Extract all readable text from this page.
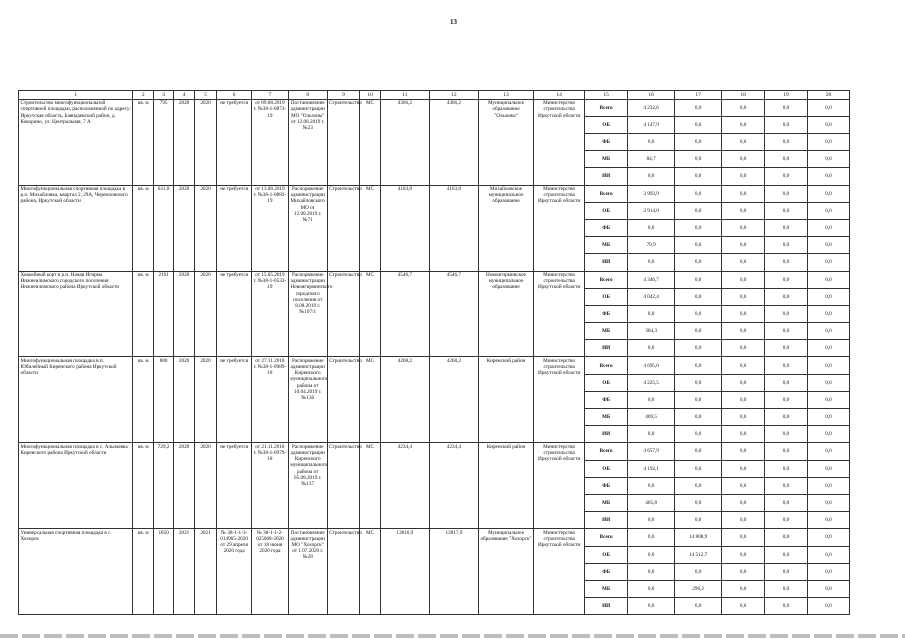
13
1	2	3	4	5	6	7	8	9	10	11	12	13	14	15	16	17	18	19	20
Строительство многофункциональной спортивной площадки, расположенной по адресу: Иркутская область, Баяндаевский район, д. Кокорино, ул. Центральная, 7 А	кв. м	795	2020	2020	не требуется	от 09.08.2019 г. №38-1-0873-19	Постановление администрации МО "Ользоны" от 12.08.2019 г. №23	Строительство	МС	4366,2	4366,2	Муниципальное образование "Ользоны"	Министерство строительства Иркутской области	Всего	4 232,6	0,0	0,0	0,0	0,0
														ОБ	4 147,9	0,0	0,0	0,0	0,0
														ФБ	0,0	0,0	0,0	0,0	0,0
														МБ	84,7	0,0	0,0	0,0	0,0
														ИИ	0,0	0,0	0,0	0,0	0,0
Многофункциональная спортивная площадка в р.п. Михайловка, квартал 2, 29А, Черемховского района, Иркутской области	кв. м	631,8	2020	2020	не требуется	от 13.08.2019 г. №38-1-0883-19	Распоряжение администрации Михайловского МО от 12.08.2019 г. №71	Строительство	МС	4163,8	4163,8	Михайловское муниципальное образование	Министерство строительства Иркутской области	Всего	3 993,9	0,0	0,0	0,0	0,0
														ОБ	3 914,0	0,0	0,0	0,0	0,0
														ФБ	0,0	0,0	0,0	0,0	0,0
														МБ	79,9	0,0	0,0	0,0	0,0
														ИИ	0,0	0,0	0,0	0,0	0,0
Хоккейный корт в р.п. Новая Игирма Нижнеилимского городского поселения Нижнеилимского района Иркутской области	кв. м	2161	2020	2020	не требуется	от 15.05.2019 г. №38-1-0533-19	Распоряжение администрации Новоигирминского городского поселения от 8.08.2019 г. №107/1	Строительство	МС	4546,7	4546,7	Новоигирминское муниципальное образование	Министерство строительства Иркутской области	Всего	4 346,7	0,0	0,0	0,0	0,0
														ОБ	4 042,4	0,0	0,0	0,0	0,0
														ФБ	0,0	0,0	0,0	0,0	0,0
														МБ	304,3	0,0	0,0	0,0	0,0
														ИИ	0,0	0,0	0,0	0,0	0,0
Многофункциональная площадка в п. Юбилейный Киренского района Иркутской области	кв. м	800	2020	2020	не требуется	от 27.11.2018 г. №38-1-0989-18	Распоряжение администрации Киренского муниципального района от 10.04.2019 г. №136	Строительство	МС	4268,2	4268,2	Киренский район	Министерство строительства Иркутской области	Всего	4 695,0	0,0	0,0	0,0	0,0
														ОБ	4 225,5	0,0	0,0	0,0	0,0
														ФБ	0,0	0,0	0,0	0,0	0,0
														МБ	469,5	0,0	0,0	0,0	0,0
														ИИ	0,0	0,0	0,0	0,0	0,0
Многофункциональная площадка в с. Алымовка Киренского района Иркутской области	кв. м	729,2	2020	2020	не требуется	от 21.11.2018 г. №38-1-0979-18	Распоряжение администрации Киренского муниципального района от 05.08.2019 г. №137	Строительство	МС	4234,4	4234,4	Киренский район	Министерство строительства Иркутской области	Всего	4 657,9	0,0	0,0	0,0	0,0
														ОБ	4 192,1	0,0	0,0	0,0	0,0
														ФБ	0,0	0,0	0,0	0,0	0,0
														МБ	465,8	0,0	0,0	0,0	0,0
														ИИ	0,0	0,0	0,0	0,0	0,0
Универсальная спортивная площадка в с. Хохорск	кв. м	1850	2021	2021	№ 38-1-1-3-014965-2020 от 29 апреля 2020 года	№ 38-1-1-2-025068-2020 от 18 июня 2020 года	Постановление администрации МО "Хохорск" от 1.07.2020 г. №28	Строительство	МС	13816,9	13817,9	Муниципальное образование "Хохорск"	Министерство строительства Иркутской области	Всего	0,0	14 808,9	0,0	0,0	0,0
														ОБ	0,0	14 512,7	0,0	0,0	0,0
														ФБ	0,0	0,0	0,0	0,0	0,0
														МБ	0,0	296,2	0,0	0,0	0,0
														ИИ	0,0	0,0	0,0	0,0	0,0
